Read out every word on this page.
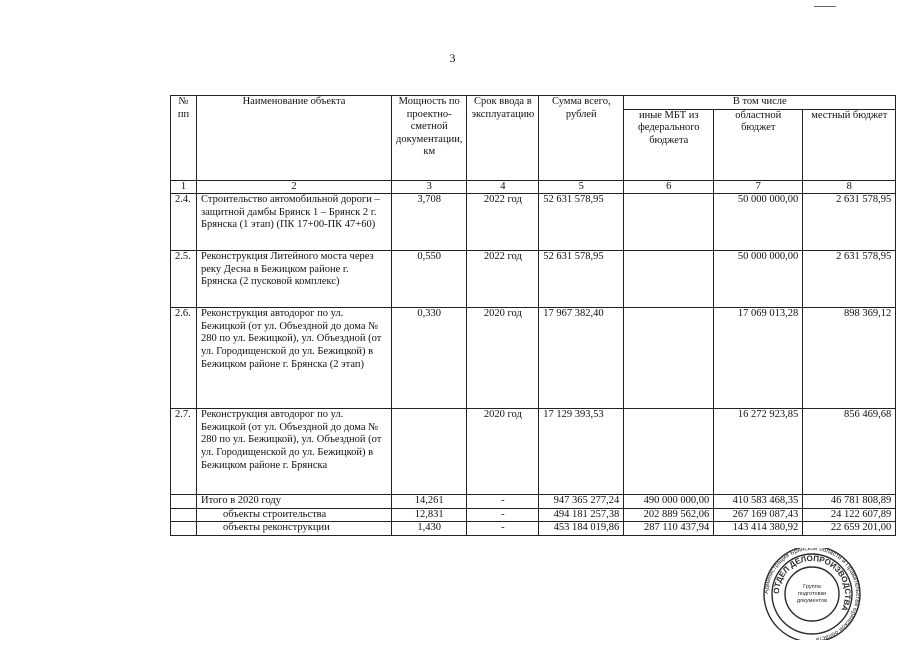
3
№ пп	Наименование объекта	Мощность по проектно-сметной документации, км	Срок ввода в эксплуатацию	Сумма всего, рублей	В том числе		
					иные МБТ из федерального бюджета	областной бюджет	местный бюджет
1	2	3	4	5	6	7	8
2.4.	Строительство автомобильной дороги – защитной дамбы Брянск 1 – Брянск 2 г. Брянска (1 этап) (ПК 17+00-ПК 47+60)	3,708	2022 год	52 631 578,95		50 000 000,00	2 631 578,95
2.5.	Реконструкция Литейного моста через реку Десна в Бежицком районе г. Брянска (2 пусковой комплекс)	0,550	2022 год	52 631 578,95		50 000 000,00	2 631 578,95
2.6.	Реконструкция автодорог по ул. Бежицкой (от ул. Объездной до дома № 280 по ул. Бежицкой), ул. Объездной (от ул. Городищенской до ул. Бежицкой) в Бежицком районе г. Брянска (2 этап)	0,330	2020 год	17 967 382,40		17 069 013,28	898 369,12
2.7.	Реконструкция автодорог по ул. Бежицкой (от ул. Объездной до дома № 280 по ул. Бежицкой), ул. Объездной (от ул. Городищенской до ул. Бежицкой) в Бежицком районе г. Брянска		2020 год	17 129 393,53		16 272 923,85	856 469,68
	Итого в 2020 году	14,261	-	947 365 277,24	490 000 000,00	410 583 468,35	46 781 808,89
	объекты строительства	12,831	-	494 181 257,38	202 889 562,06	267 169 087,43	24 122 607,89
	объекты реконструкции	1,430	-	453 184 019,86	287 110 437,94	143 414 380,92	22 659 201,00
Администрация Брянской области и Правительства Брянской области
ОТДЕЛ ДЕЛОПРОИЗВОДСТВА
Группа
подготовки
документов
